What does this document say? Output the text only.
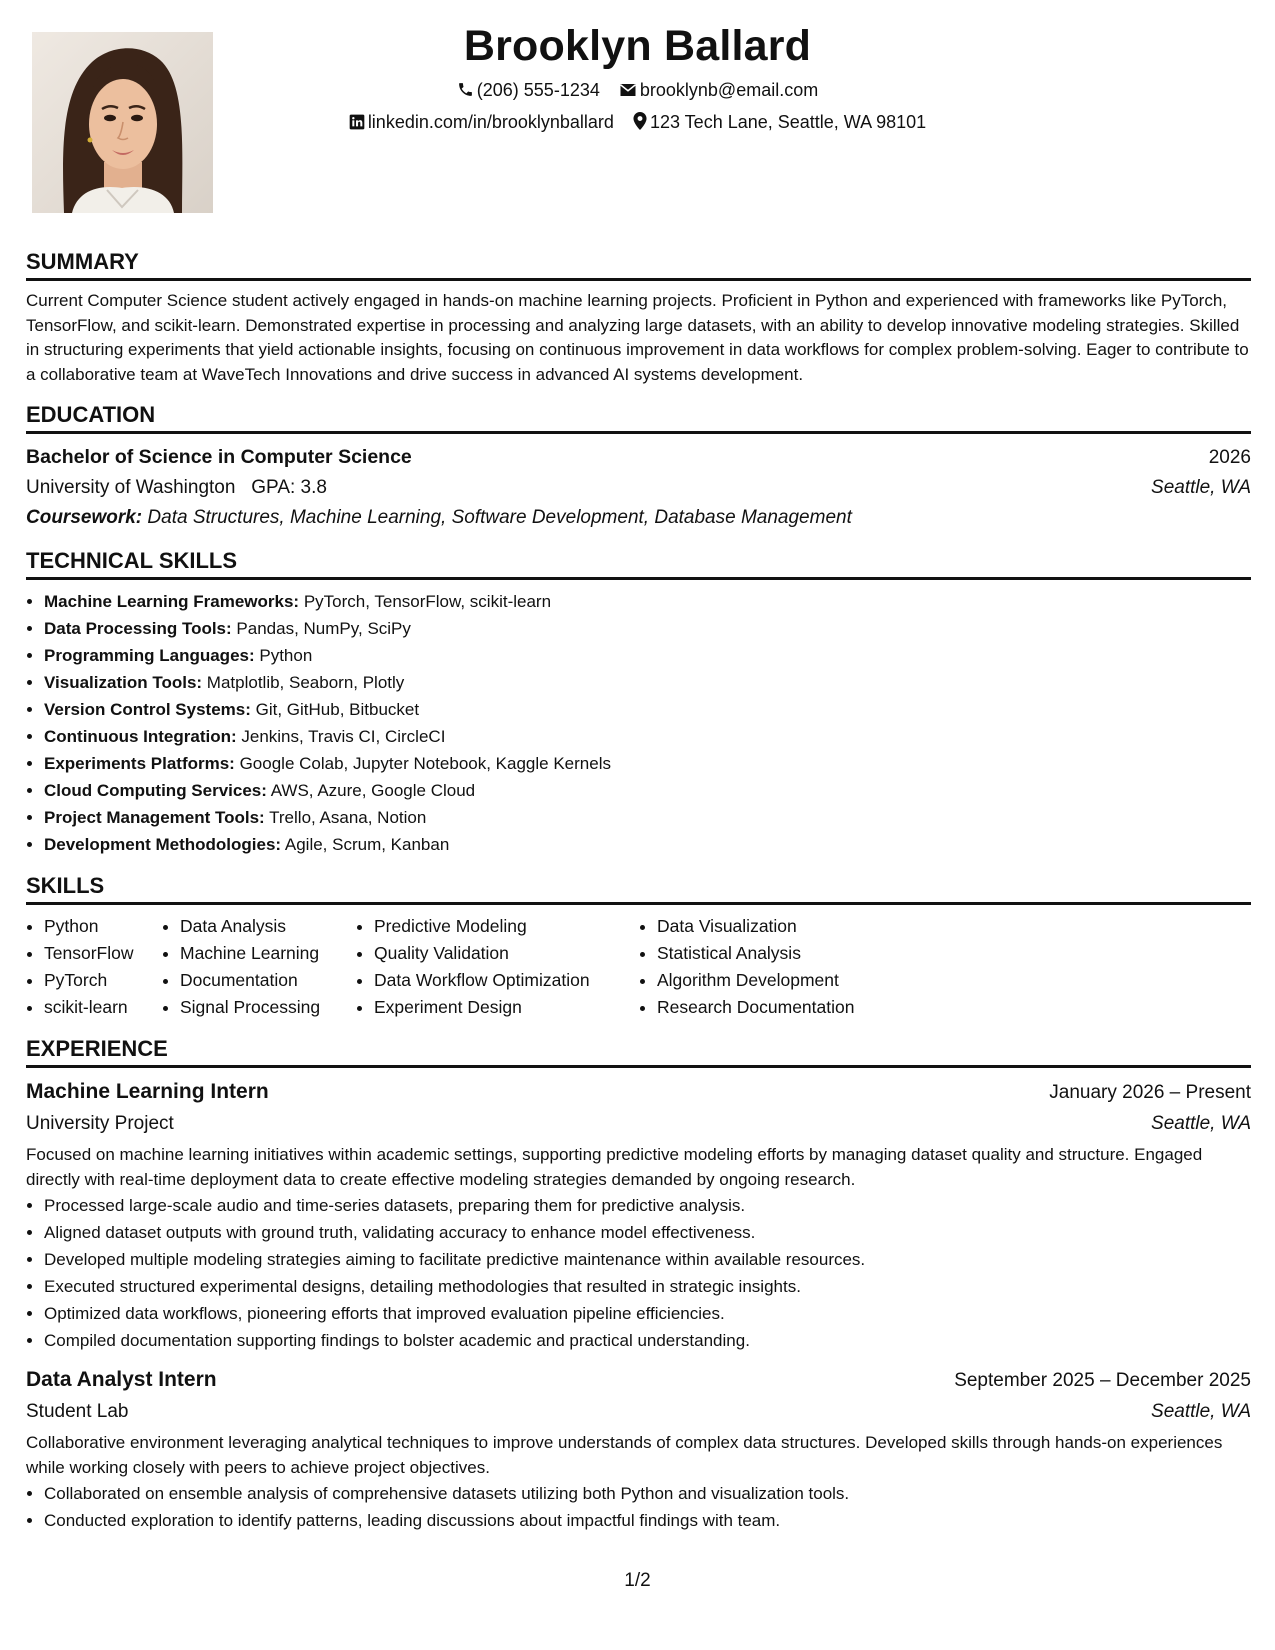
Brooklyn Ballard
(206) 555-1234 brooklynb@email.com
linkedin.com/in/brooklynballard 123 Tech Lane, Seattle, WA 98101
SUMMARY

Current Computer Science student actively engaged in hands-on machine learning projects. Proficient in Python and experienced with frameworks like PyTorch, TensorFlow, and scikit-learn. Demonstrated expertise in processing and analyzing large datasets, with an ability to develop innovative modeling strategies. Skilled in structuring experiments that yield actionable insights, focusing on continuous improvement in data workflows for complex problem-solving. Eager to contribute to a collaborative team at WaveTech Innovations and drive success in advanced AI systems development.

EDUCATION
Bachelor of Science in Computer Science	2026
University of Washington GPA: 3.8	Seattle, WA
Coursework: Data Structures, Machine Learning, Software Development, Database Management
TECHNICAL SKILLS
• Machine Learning Frameworks: PyTorch, TensorFlow, scikit-learn
• Data Processing Tools: Pandas, NumPy, SciPy
• Programming Languages: Python
• Visualization Tools: Matplotlib, Seaborn, Plotly
• Version Control Systems: Git, GitHub, Bitbucket
• Continuous Integration: Jenkins, Travis CI, CircleCI
• Experiments Platforms: Google Colab, Jupyter Notebook, Kaggle Kernels
• Cloud Computing Services: AWS, Azure, Google Cloud
• Project Management Tools: Trello, Asana, Notion
• Development Methodologies: Agile, Scrum, Kanban
SKILLS
• Python
• TensorFlow
• PyTorch
• scikit-learn
• Data Analysis
• Machine Learning
• Documentation
• Signal Processing
• Predictive Modeling
• Quality Validation
• Data Workflow Optimization
• Experiment Design
• Data Visualization
• Statistical Analysis
• Algorithm Development
• Research Documentation
EXPERIENCE
Machine Learning Intern	January 2026 – Present
University Project	Seattle, WA

Focused on machine learning initiatives within academic settings, supporting predictive modeling efforts by managing dataset quality and structure. Engaged directly with real-time deployment data to create effective modeling strategies demanded by ongoing research.

• Processed large-scale audio and time-series datasets, preparing them for predictive analysis.
• Aligned dataset outputs with ground truth, validating accuracy to enhance model effectiveness.
• Developed multiple modeling strategies aiming to facilitate predictive maintenance within available resources.
• Executed structured experimental designs, detailing methodologies that resulted in strategic insights.
• Optimized data workflows, pioneering efforts that improved evaluation pipeline efficiencies.
• Compiled documentation supporting findings to bolster academic and practical understanding.
Data Analyst Intern	September 2025 – December 2025
Student Lab	Seattle, WA

Collaborative environment leveraging analytical techniques to improve understands of complex data structures. Developed skills through hands-on experiences while working closely with peers to achieve project objectives.

• Collaborated on ensemble analysis of comprehensive datasets utilizing both Python and visualization tools.
• Conducted exploration to identify patterns, leading discussions about impactful findings with team.
1/2
